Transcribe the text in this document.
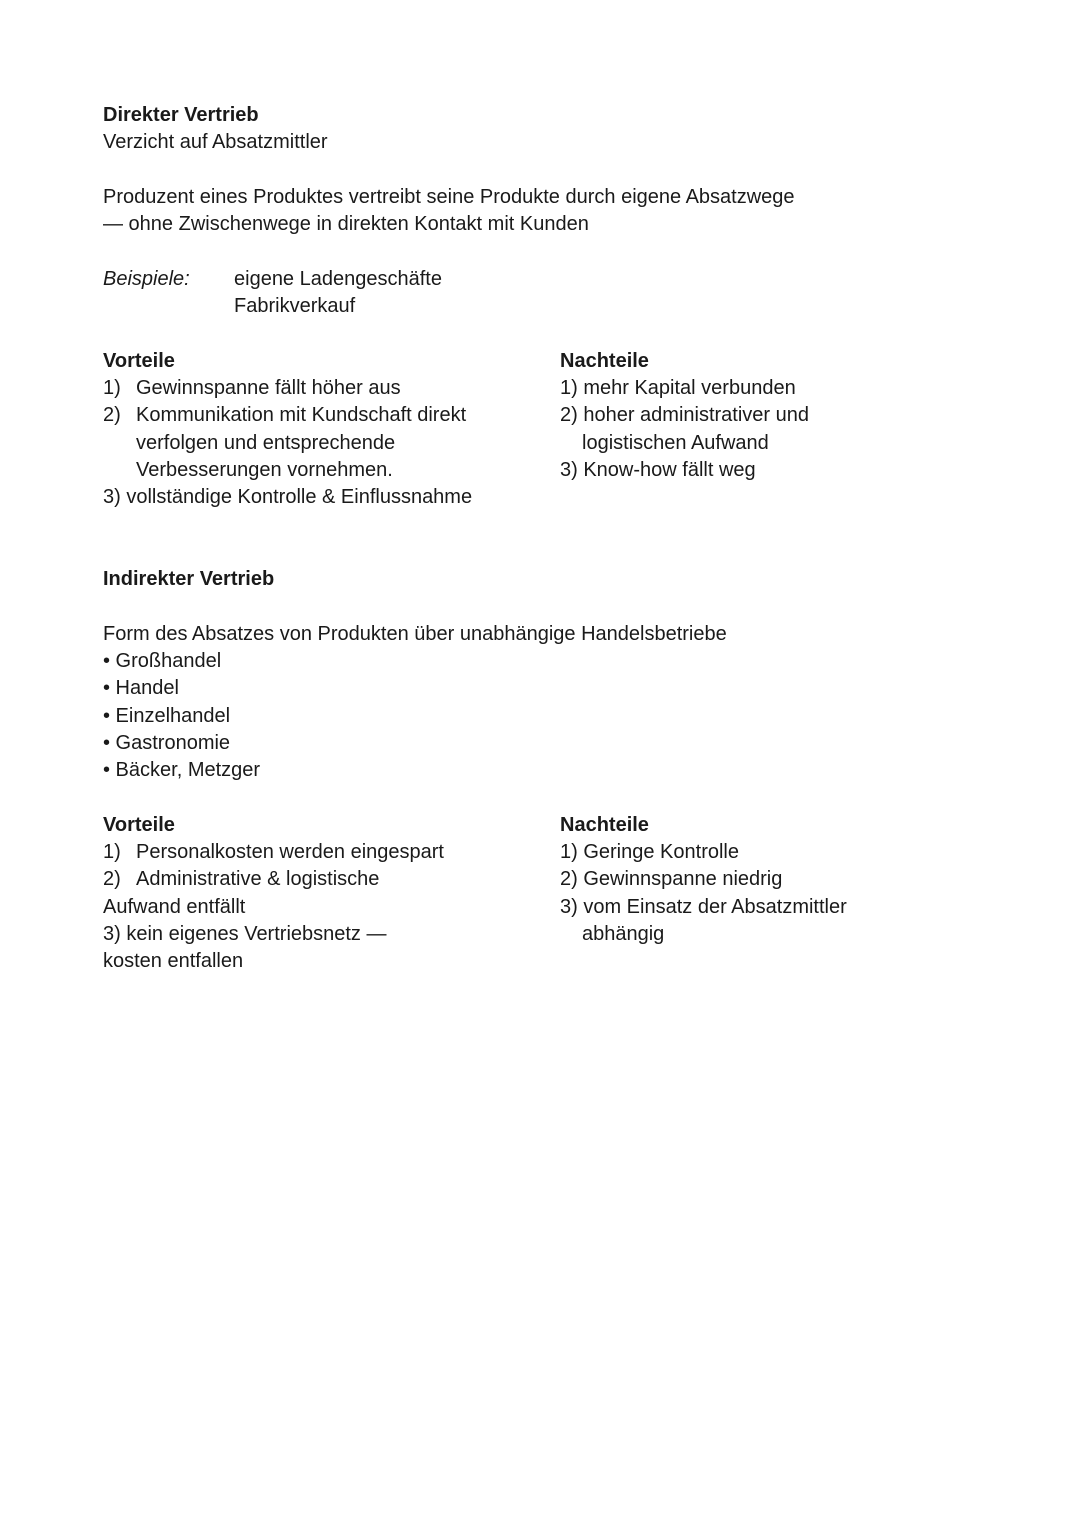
Direkter Vertrieb

Verzicht auf Absatzmittler

Produzent eines Produktes vertreibt seine Produkte durch eigene Absatzwege

— ohne Zwischenwege in direkten Kontakt mit Kunden

Beispiele:	eigene Ladengeschäfte
Fabrikverkauf

Vorteile

1) Gewinnspanne fällt höher aus
2) Kommunikation mit Kundschaft direkt

verfolgen und entsprechende

Verbesserungen vornehmen.

3) vollständige Kontrolle & Einflussnahme

Nachteile

1) mehr Kapital verbunden

2) hoher administrativer und

logistischen Aufwand

3) Know-how fällt weg

Indirekter Vertrieb

Form des Absatzes von Produkten über unabhängige Handelsbetriebe

• Großhandel

• Handel

• Einzelhandel

• Gastronomie

• Bäcker, Metzger

Vorteile

1) Personalkosten werden eingespart
2) Administrative & logistische

Aufwand entfällt

3) kein eigenes Vertriebsnetz —

kosten entfallen

Nachteile

1) Geringe Kontrolle

2) Gewinnspanne niedrig

3) vom Einsatz der Absatzmittler

abhängig
